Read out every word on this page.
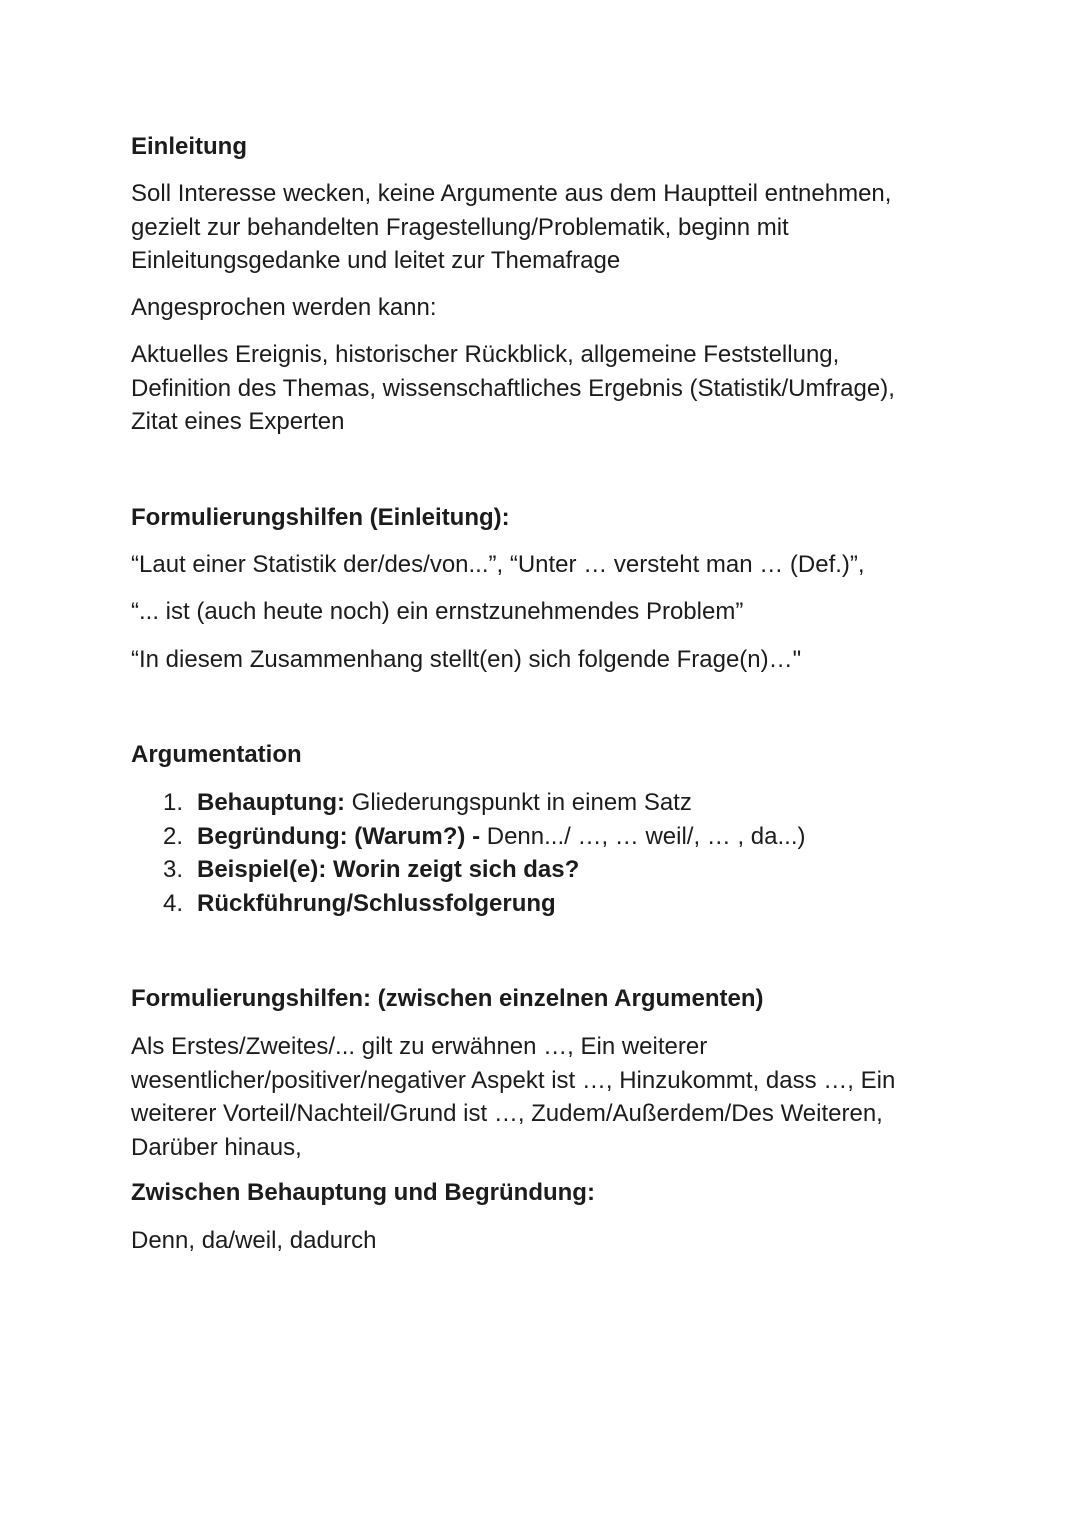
Einleitung
Soll Interesse wecken, keine Argumente aus dem Hauptteil entnehmen,
gezielt zur behandelten Fragestellung/Problematik, beginn mit
Einleitungsgedanke und leitet zur Themafrage
Angesprochen werden kann:
Aktuelles Ereignis, historischer Rückblick, allgemeine Feststellung,
Definition des Themas, wissenschaftliches Ergebnis (Statistik/Umfrage),
Zitat eines Experten
Formulierungshilfen (Einleitung):
“Laut einer Statistik der/des/von...”, “Unter … versteht man … (Def.)”,
“... ist (auch heute noch) ein ernstzunehmendes Problem”
“In diesem Zusammenhang stellt(en) sich folgende Frage(n)…"
Argumentation
1. Behauptung: Gliederungspunkt in einem Satz
2. Begründung: (Warum?) - Denn.../ …, … weil/, … , da...)
3. Beispiel(e): Worin zeigt sich das?
4. Rückführung/Schlussfolgerung
Formulierungshilfen: (zwischen einzelnen Argumenten)
Als Erstes/Zweites/... gilt zu erwähnen …, Ein weiterer
wesentlicher/positiver/negativer Aspekt ist …, Hinzukommt, dass …, Ein
weiterer Vorteil/Nachteil/Grund ist …, Zudem/Außerdem/Des Weiteren,
Darüber hinaus,
Zwischen Behauptung und Begründung:
Denn, da/weil, dadurch
